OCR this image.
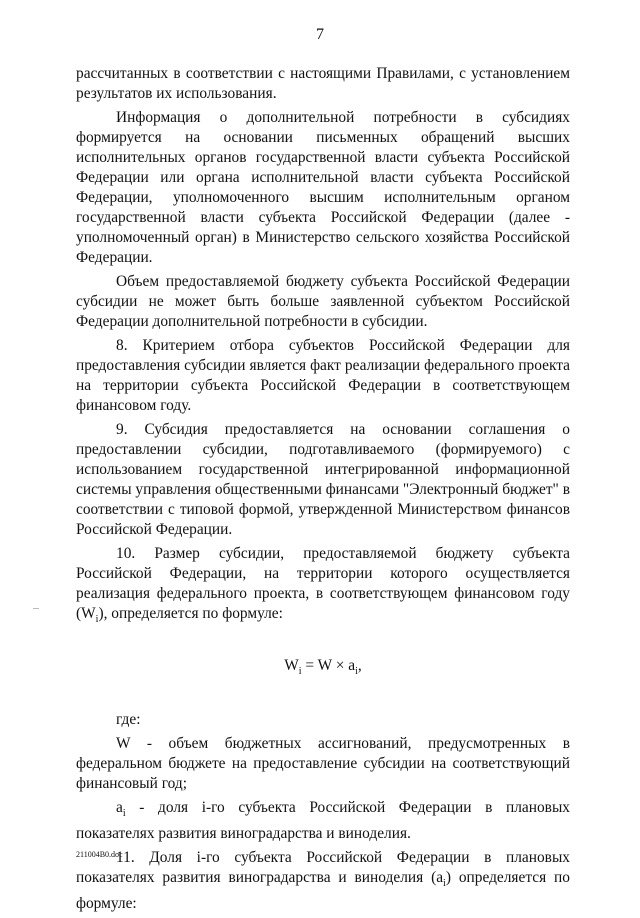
7

рассчитанных в соответствии с настоящими Правилами, с установлением результатов их использования.

Информация о дополнительной потребности в субсидиях формируется на основании письменных обращений высших исполнительных органов государственной власти субъекта Российской Федерации или органа исполнительной власти субъекта Российской Федерации, уполномоченного высшим исполнительным органом государственной власти субъекта Российской Федерации (далее - уполномоченный орган) в Министерство сельского хозяйства Российской Федерации.

Объем предоставляемой бюджету субъекта Российской Федерации субсидии не может быть больше заявленной субъектом Российской Федерации дополнительной потребности в субсидии.

8. Критерием отбора субъектов Российской Федерации для предоставления субсидии является факт реализации федерального проекта на территории субъекта Российской Федерации в соответствующем финансовом году.

9. Субсидия предоставляется на основании соглашения о предоставлении субсидии, подготавливаемого (формируемого) с использованием государственной интегрированной информационной системы управления общественными финансами "Электронный бюджет" в соответствии с типовой формой, утвержденной Министерством финансов Российской Федерации.

10. Размер субсидии, предоставляемой бюджету субъекта Российской Федерации, на территории которого осуществляется реализация федерального проекта, в соответствующем финансовом году $(W_i)$, определяется по формуле:

$W_i = W \times a_i$,

где:

W - объем бюджетных ассигнований, предусмотренных в федеральном бюджете на предоставление субсидии на соответствующий финансовый год;

$a_i$ - доля i-го субъекта Российской Федерации в плановых показателях развития виноградарства и виноделия.

11. Доля i-го субъекта Российской Федерации в плановых показателях развития виноградарства и виноделия $(a_i)$ определяется по формуле:

211004B0.doc
